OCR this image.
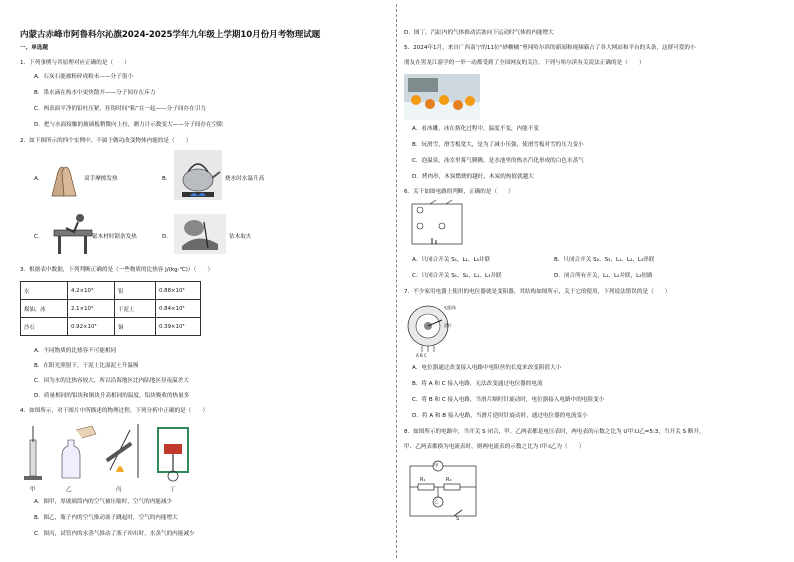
内蒙古赤峰市阿鲁科尔沁旗2024-2025学年九年级上学期10月份月考物理试题
一、单选题
1．下列事例与其原理对应正确的是（　　）
A．石灰石能被粉碎成粉末——分子很小
B．墨水滴在热水中更快散开——分子间存在斥力
C．两表面平净的铅柱压紧，挂钩时间“粘”在一起——分子间存在引力
D．把与水面接触的玻璃板稍微向上拉，测力计示数变大——分子间存在空隙
2．如下图所示的四个实例中，不属于做功改变物体内能的是（　　）
A．	双手摩擦发热	B．	烧水时水温升高
C．	锯木材时锯条发热	D．	钻木取火
3．根据表中数据，下列判断正确的是（一些物质的比热容 J/(kg·℃)）（　　）
水	4.2×10³	铝	0.88×10³
煤油、冰	2.1×10³	干泥土	0.84×10³
沙石	0.92×10³	铜	0.39×10³
A．不同物质的比热容不可能相同
B．在阳光照射下，干泥土比湿泥土升温慢
C．因为水的比热容较大，所以沿海地区比内陆地区昼夜温差大
D．质量相同的铝块和铜块升高相同的温度，铝块吸收的热量多
4．如图所示，对于图片中所描述的物理过程，下列分析中正确的是（　　）
甲	乙	丙	丁
A．图甲，厚玻璃筒内的空气被压缩时，空气的内能减少
B．图乙，瓶子内的空气推动塞子跳起时，空气的内能增大
C．图丙，试管内的水蒸气推动了塞子冲出时，水蒸气的内能减少
D．图丁，汽缸内的气体推动活塞向下运动时气体的内能增大
5．2024年1月，来自广西南宁的11位“砂糖橘”勇闯哈尔滨的新闻和视频霸占了各大网站和平台的头条，这群可爱的小
朋友在黑龙江游学的一举一动都受到了全国网友的关注。下列与哈尔滨有关说法正确的是（　　）
A．看冰雕，冰在熔化过程中，温度不变，内能不变
B．玩滑雪，滑雪板宽大，是为了减小压强，使滑雪板对雪的压力变小
C．泡温泉，泳室里雾气腾腾，是水池里的热水汽化形成的白色水蒸气
D．烤肉串，木炭燃烧的越旺，木炭的热值就越大
6．关于如图电路的判断，正确的是（　　）
A．只闭合开关 S₁，L₁、L₃并联	B．只闭合开关 S₂、S₃，L₁、L₂、L₃串联
C．只闭合开关 S₁、S₂，L₁、L₃并联	D．闭合所有开关，L₁、L₂并联，L₃短路
7．不少家用电器上使用的电位器就是变阻器，其结构如图所示，关于它的使用，下列说法错误的是（　　）
电阻丝
滑片
A B C
A．电位器通过改变接入电路中电阻丝的长度来改变阻值大小
B．将 A 和 C 接入电路，无法改变通过电位器的电流
C．将 B 和 C 接入电路，当滑片顺时针旋动时，电位器接入电路中的电阻变小
D．将 A 和 B 接入电路，当滑片逆时针旋动时，通过电位器的电流变小
8．如图所示的电路中，当开关 S 闭合，甲、乙两表都是电压表时，两电表的示数之比为 U甲:U乙=5:3，当开关 S 断开，
甲、乙两表都换为电流表时，则两电流表的示数之比为 I甲:I乙为（　　）
甲
乙
R₁	R₂
S
